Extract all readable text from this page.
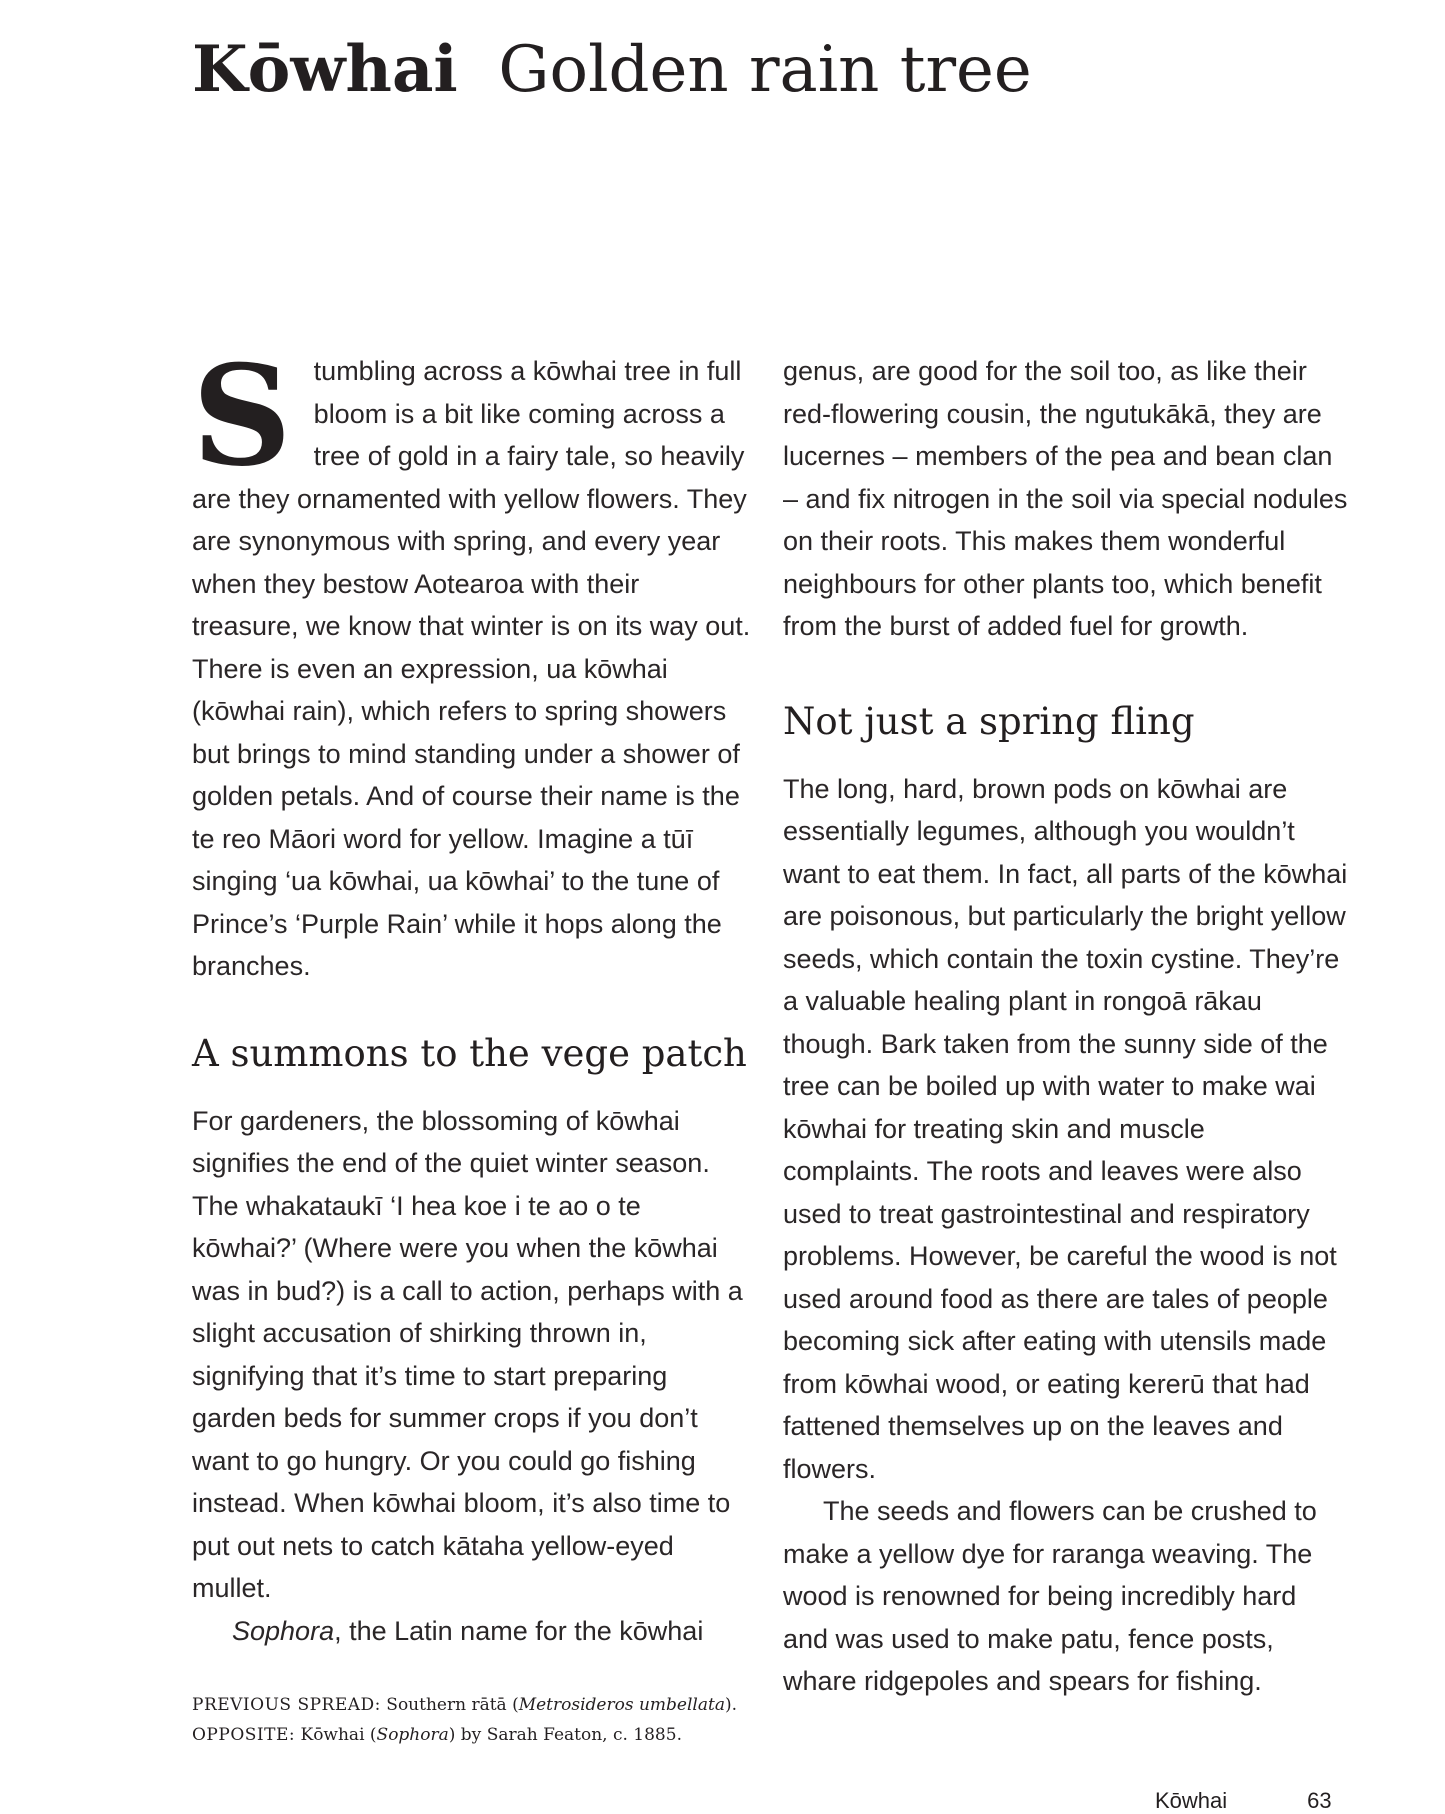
Kōwhai Golden rain tree

Stumbling across a kōwhai tree in full bloom is a bit like coming across a tree of gold in a fairy tale, so heavily are they ornamented with yellow flowers. They are synonymous with spring, and every year when they bestow Aotearoa with their treasure, we know that winter is on its way out. There is even an expression, ua kōwhai (kōwhai rain), which refers to spring showers but brings to mind standing under a shower of golden petals. And of course their name is the te reo Māori word for yellow. Imagine a tūī singing ‘ua kōwhai, ua kōwhai’ to the tune of Prince’s ‘Purple Rain’ while it hops along the branches.

A summons to the vege patch

For gardeners, the blossoming of kōwhai signifies the end of the quiet winter season. The whakataukī ‘I hea koe i te ao o te kōwhai?’ (Where were you when the kōwhai was in bud?) is a call to action, perhaps with a slight accusation of shirking thrown in, signifying that it’s time to start preparing garden beds for summer crops if you don’t want to go hungry. Or you could go fishing instead. When kōwhai bloom, it’s also time to put out nets to catch kātaha yellow-eyed mullet.

Sophora, the Latin name for the kōwhai

genus, are good for the soil too, as like their red-flowering cousin, the ngutukākā, they are lucernes – members of the pea and bean clan – and fix nitrogen in the soil via special nodules on their roots. This makes them wonderful neighbours for other plants too, which benefit from the burst of added fuel for growth.

Not just a spring fling

The long, hard, brown pods on kōwhai are essentially legumes, although you wouldn’t want to eat them. In fact, all parts of the kōwhai are poisonous, but particularly the bright yellow seeds, which contain the toxin cystine. They’re a valuable healing plant in rongoā rākau though. Bark taken from the sunny side of the tree can be boiled up with water to make wai kōwhai for treating skin and muscle complaints. The roots and leaves were also used to treat gastrointestinal and respiratory problems. However, be careful the wood is not used around food as there are tales of people becoming sick after eating with utensils made from kōwhai wood, or eating kererū that had fattened themselves up on the leaves and flowers.

The seeds and flowers can be crushed to make a yellow dye for raranga weaving. The wood is renowned for being incredibly hard and was used to make patu, fence posts, whare ridgepoles and spears for fishing.

PREVIOUS SPREAD: Southern rātā (Metrosideros umbellata).
OPPOSITE: Kōwhai (Sophora) by Sarah Featon, c. 1885.
Kōwhai	63
